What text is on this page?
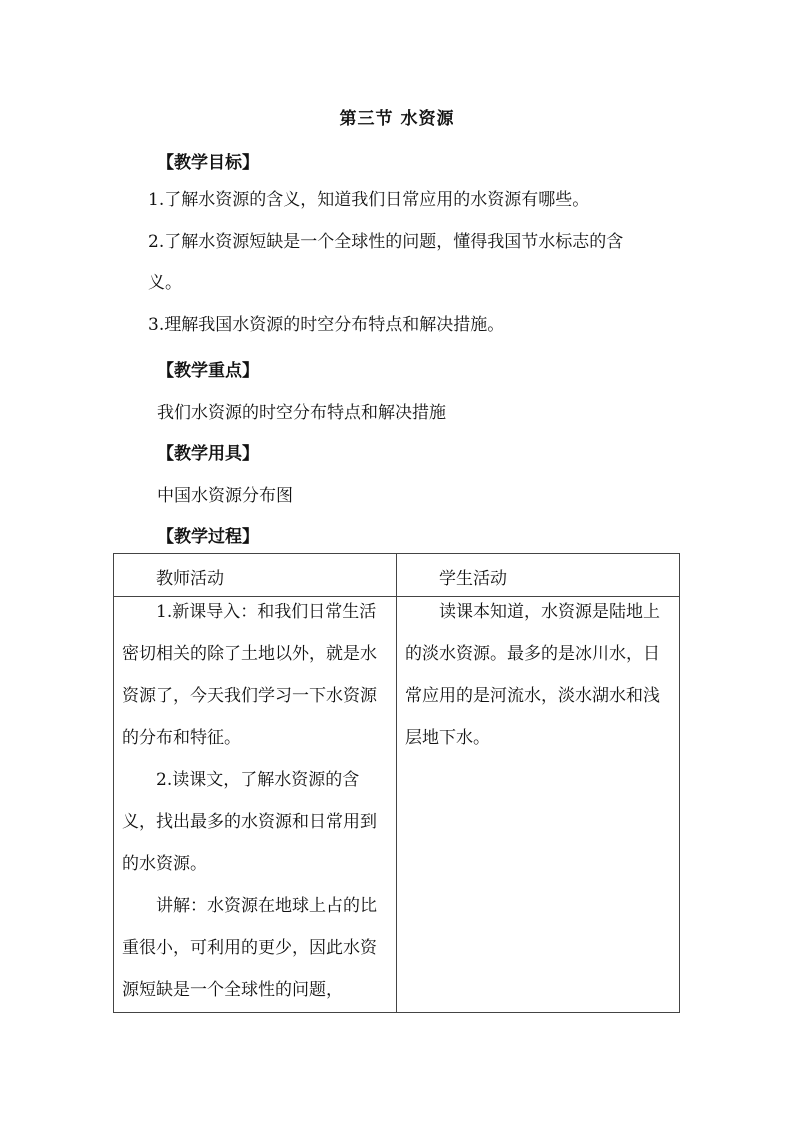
第三节 水资源
【教学目标】
1.了解水资源的含义，知道我们日常应用的水资源有哪些。
2.了解水资源短缺是一个全球性的问题，懂得我国节水标志的含
义。
3.理解我国水资源的时空分布特点和解决措施。
【教学重点】
我们水资源的时空分布特点和解决措施
【教学用具】
中国水资源分布图
【教学过程】
教师活动	学生活动

1.新课导入：和我们日常生活密切相关的除了土地以外，就是水资源了，今天我们学习一下水资源的分布和特征。

2.读课文，了解水资源的含义，找出最多的水资源和日常用到的水资源。

讲解：水资源在地球上占的比重很小，可利用的更少，因此水资源短缺是一个全球性的问题，	读课本知道，水资源是陆地上的淡水资源。最多的是冰川水，日常应用的是河流水，淡水湖水和浅层地下水。
